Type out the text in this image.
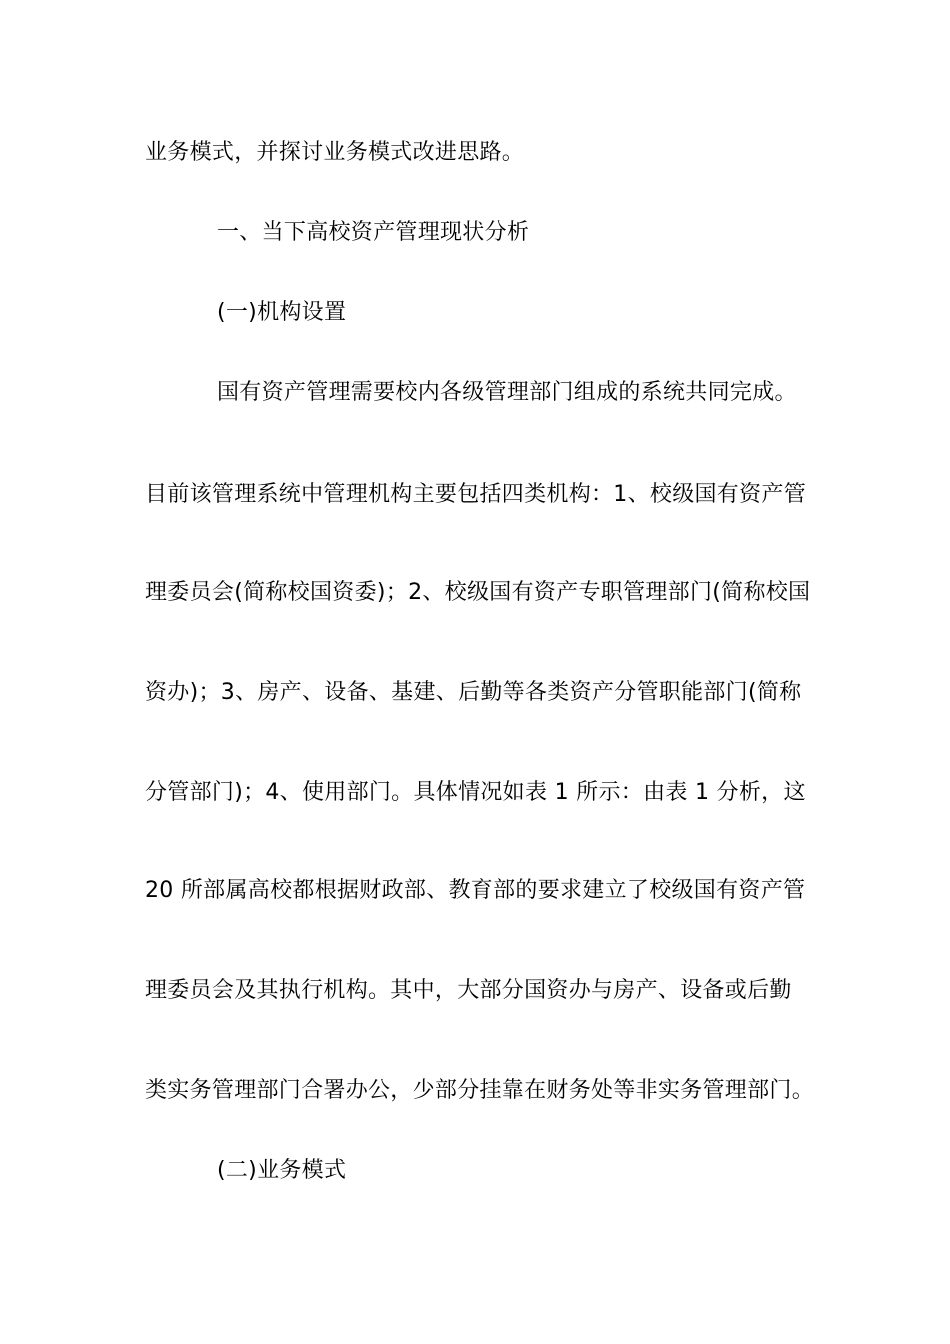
业务模式，并探讨业务模式改进思路。
一、当下高校资产管理现状分析
(一)机构设置
国有资产管理需要校内各级管理部门组成的系统共同完成。
目前该管理系统中管理机构主要包括四类机构：1、校级国有资产管
理委员会(简称校国资委)；2、校级国有资产专职管理部门(简称校国
资办)；3、房产、设备、基建、后勤等各类资产分管职能部门(简称
分管部门)；4、使用部门。具体情况如表 1 所示：由表 1 分析，这
20 所部属高校都根据财政部、教育部的要求建立了校级国有资产管
理委员会及其执行机构。其中，大部分国资办与房产、设备或后勤
类实务管理部门合署办公，少部分挂靠在财务处等非实务管理部门。
(二)业务模式
